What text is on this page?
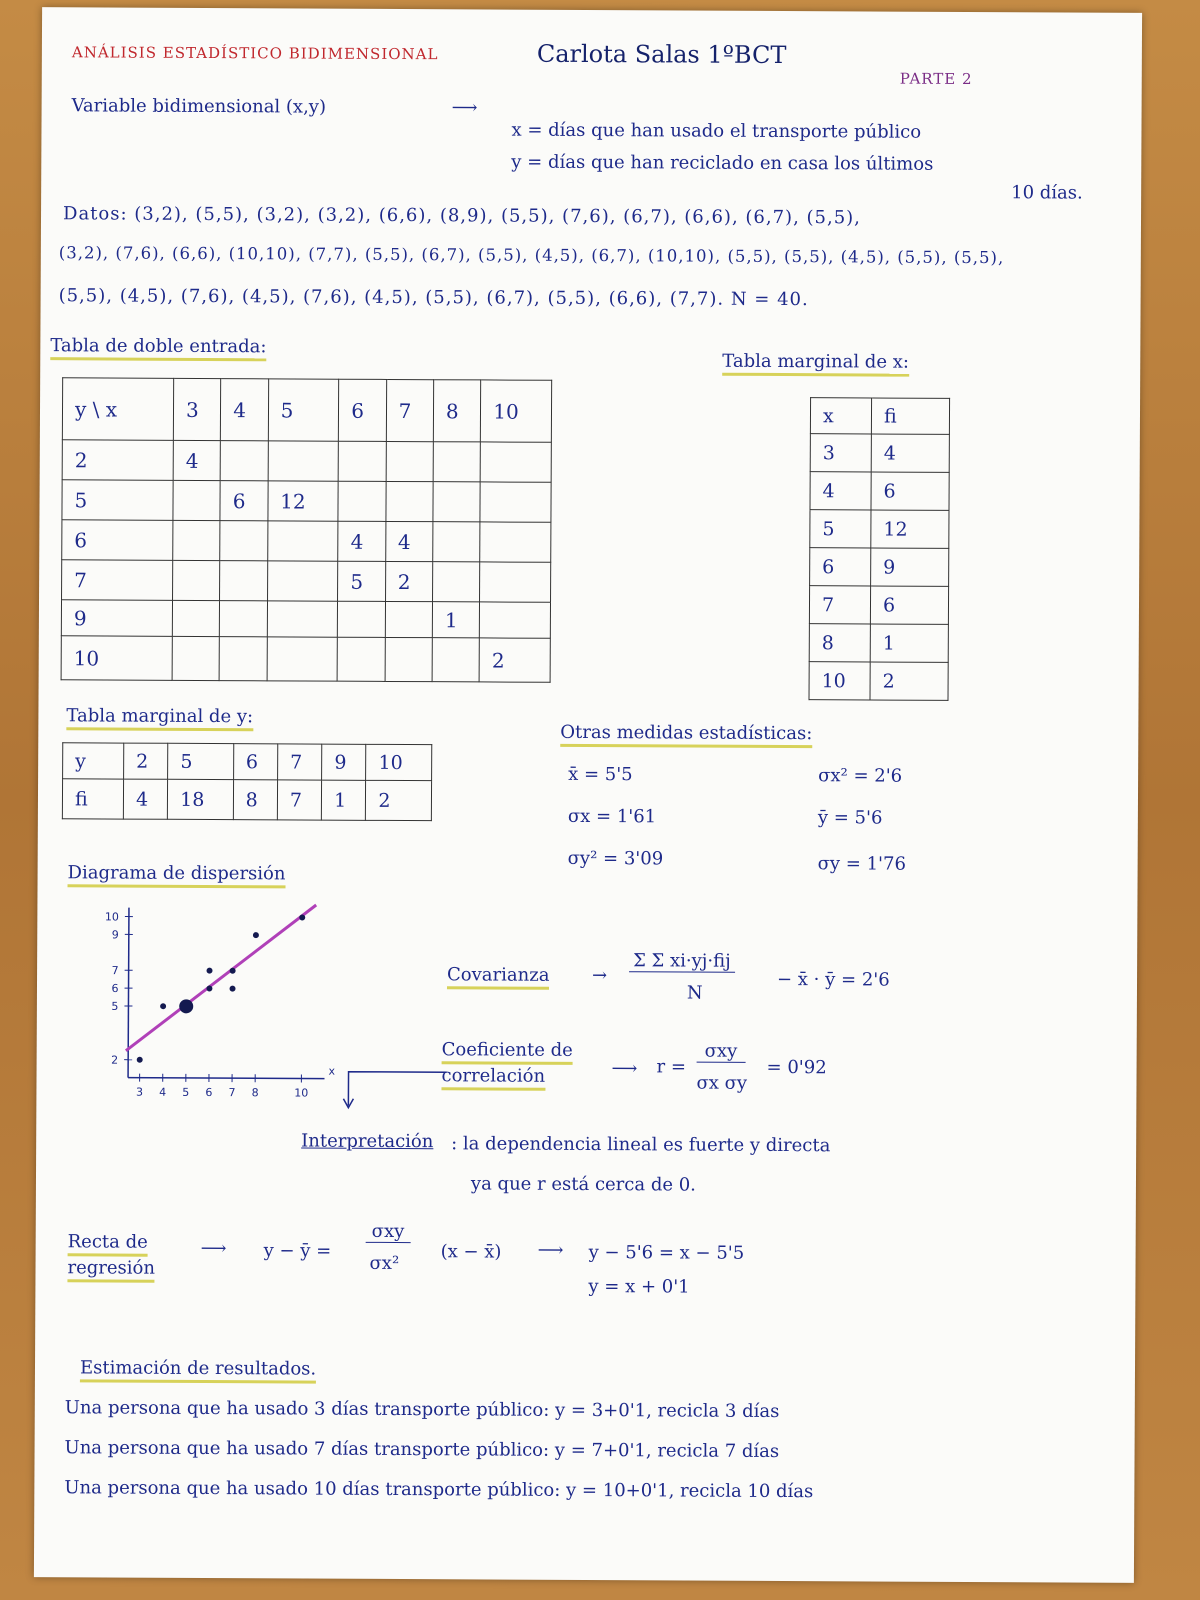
ANÁLISIS ESTADÍSTICO BIDIMENSIONAL	Carlota Salas 1ºBCT
PARTE 2
Variable bidimensional (x,y)	⟶
x = días que han usado el transporte público
y = días que han reciclado en casa los últimos
10 días.
Datos: (3,2), (5,5), (3,2), (3,2), (6,6), (8,9), (5,5), (7,6), (6,7), (6,6), (6,7), (5,5),
(3,2), (7,6), (6,6), (10,10), (7,7), (5,5), (6,7), (5,5), (4,5), (6,7), (10,10), (5,5), (5,5), (4,5), (5,5), (5,5),
(5,5), (4,5), (7,6), (4,5), (7,6), (4,5), (5,5), (6,7), (5,5), (6,6), (7,7). N = 40.
Tabla de doble entrada:
y \ x	3	4	5	6	7	8	10
2	4						
5		6	12				
6				4	4		
7				5	2		
9						1	
10							2
Tabla marginal de x:
x	fi
3	4
4	6
5	12
6	9
7	6
8	1
10	2
Tabla marginal de y:
y	2	5	6	7	9	10
fi	4	18	8	7	1	2
Otras medidas estadísticas:
x̄ = 5'5	σx² = 2'6
σx = 1'61	ȳ = 5'6
σy² = 3'09	σy = 1'76
Diagrama de dispersión
3 4 5 6 7 8	10
x
10
9
7
6
5
2
Covarianza →
Σ Σ xi·yj·fij
N
− x̄ · ȳ = 2'6
Coeficiente de
correlación	⟶ r =
σxy
σx σy
= 0'92
Interpretación : la dependencia lineal es fuerte y directa
ya que r está cerca de 0.
Recta de
regresión
⟶ y − ȳ =
σxy
σx²
(x − x̄) ⟶ y − 5'6 = x − 5'5
y = x + 0'1
Estimación de resultados.
Una persona que ha usado 3 días transporte público: y = 3+0'1, recicla 3 días
Una persona que ha usado 7 días transporte público: y = 7+0'1, recicla 7 días
Una persona que ha usado 10 días transporte público: y = 10+0'1, recicla 10 días
